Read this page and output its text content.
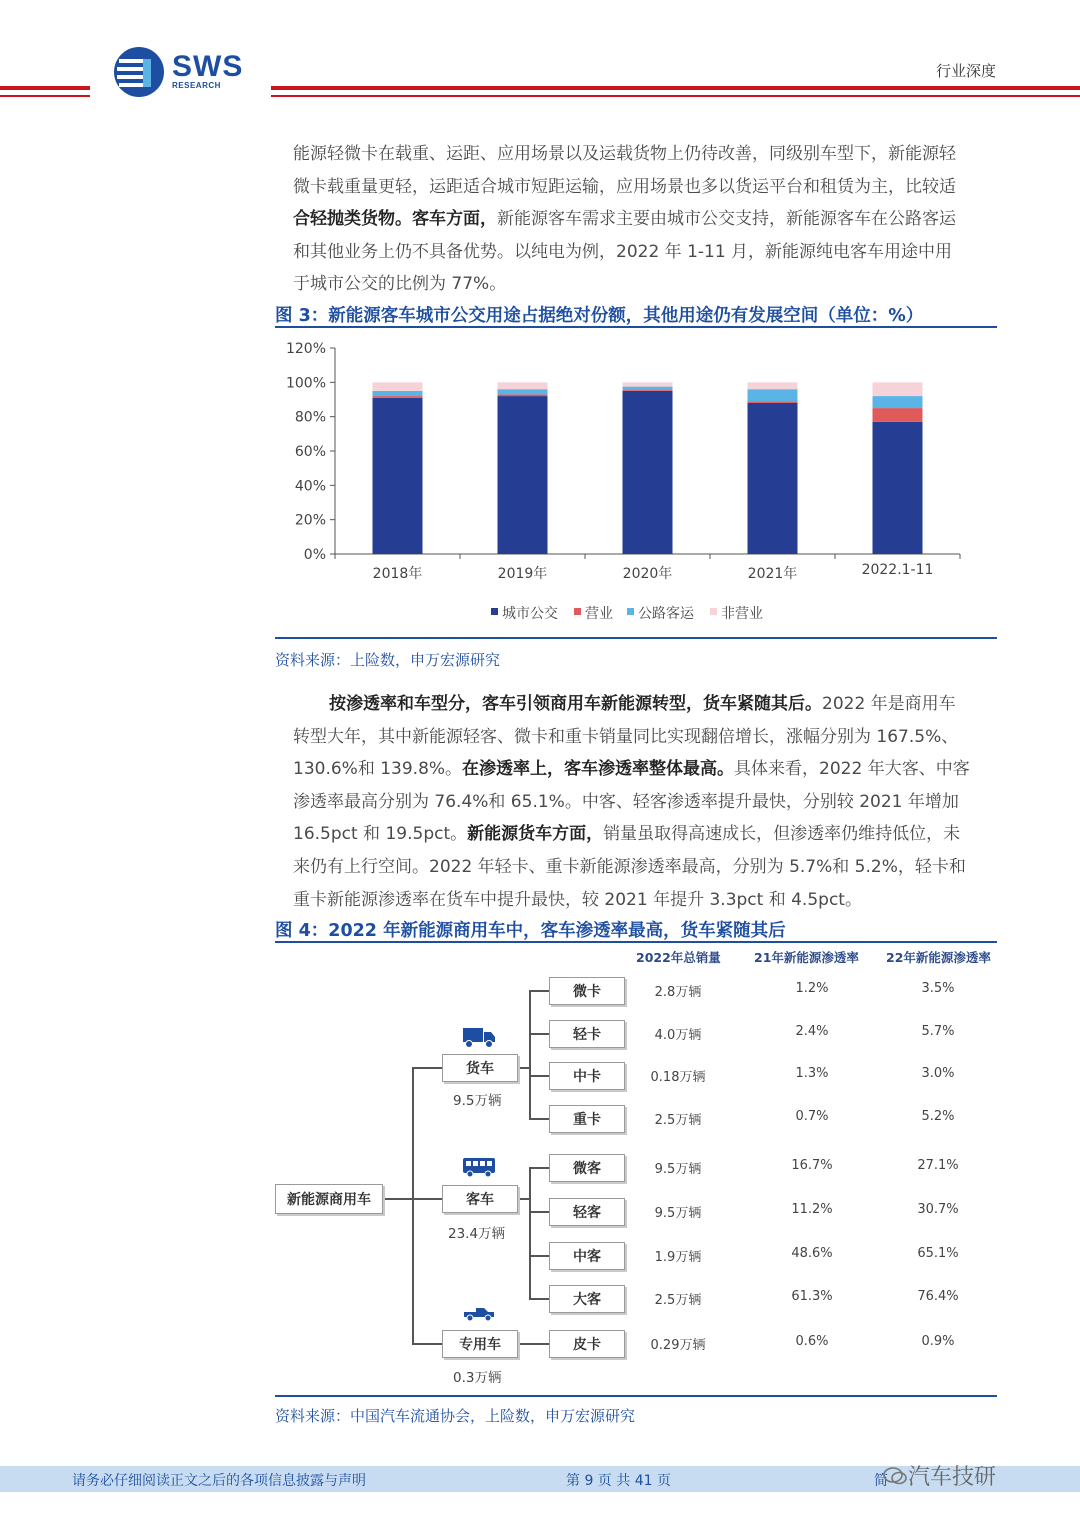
SWS
RESEARCH
行业深度
能源轻微卡在载重、运距、应用场景以及运载货物上仍待改善，同级别车型下，新能源轻
微卡载重量更轻，运距适合城市短距运输，应用场景也多以货运平台和租赁为主，比较适
合轻抛类货物。客车方面，新能源客车需求主要由城市公交支持，新能源客车在公路客运
和其他业务上仍不具备优势。以纯电为例，2022 年 1-11 月，新能源纯电客车用途中用
于城市公交的比例为 77%。
图 3：新能源客车城市公交用途占据绝对份额，其他用途仍有发展空间（单位：%）
0%
20%
40%
60%
80%
100%
120%
2018年	2019年	2020年	2021年	2022.1-11
城市公交 营业 公路客运 非营业
资料来源：上险数，申万宏源研究
按渗透率和车型分，客车引领商用车新能源转型，货车紧随其后。2022 年是商用车
转型大年，其中新能源轻客、微卡和重卡销量同比实现翻倍增长，涨幅分别为 167.5%、
130.6%和 139.8%。在渗透率上，客车渗透率整体最高。具体来看，2022 年大客、中客
渗透率最高分别为 76.4%和 65.1%。中客、轻客渗透率提升最快，分别较 2021 年增加
16.5pct 和 19.5pct。新能源货车方面，销量虽取得高速成长，但渗透率仍维持低位，未
来仍有上行空间。2022 年轻卡、重卡新能源渗透率最高，分别为 5.7%和 5.2%，轻卡和
重卡新能源渗透率在货车中提升最快，较 2021 年提升 3.3pct 和 4.5pct。
图 4：2022 年新能源商用车中，客车渗透率最高，货车紧随其后
2022年总销量	21年新能源渗透率 22年新能源渗透率
新能源商用车
货车
9.5万辆
客车
23.4万辆
专用车
0.3万辆
微卡	2.8万辆	1.2%	3.5%
轻卡	4.0万辆	2.4%	5.7%
中卡	0.18万辆	1.3%	3.0%
重卡	2.5万辆	0.7%	5.2%
微客	9.5万辆	16.7%	27.1%
轻客	9.5万辆	11.2%	30.7%
中客	1.9万辆	48.6%	65.1%
大客	2.5万辆	61.3%	76.4%
皮卡	0.29万辆	0.6%	0.9%
资料来源：中国汽车流通协会，上险数，申万宏源研究
请务必仔细阅读正文之后的各项信息披露与声明	第 9 页 共 41 页	简 汽车技研
